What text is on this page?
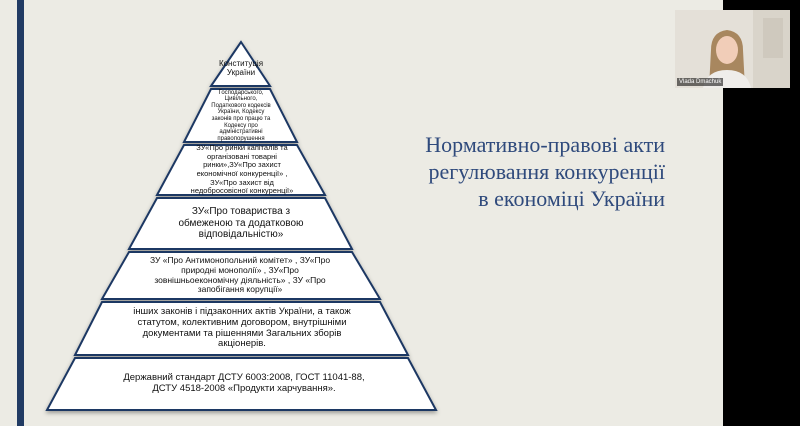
Конституція України
Господарського, Цивільного, Податкового кодексів України, Кодексу законів про працю та Кодексу про адміністративні правопорушення
ЗУ«Про ринки капіталів та організовані товарні ринки»,ЗУ«Про захист економічної конкуренції» , ЗУ«Про захист від недобросовісної конкуренції»
ЗУ«Про товариства з обмеженою та додатковою відповідальністю»
ЗУ «Про Антимонопольний комітет» , ЗУ«Про природні монополії» , ЗУ«Про зовнішньоекономічну діяльність» , ЗУ «Про запобігання корупції»
інших законів і підзаконних актів України, а також статутом, колективним договором, внутрішніми документами та рішеннями Загальних зборів акціонерів.
Державний стандарт ДСТУ 6003:2008, ГОСТ 11041-88, ДСТУ 4518-2008 «Продукти харчування».
Нормативно-правові акти регулювання конкуренції в економіці України
Vlada Dmachuk
